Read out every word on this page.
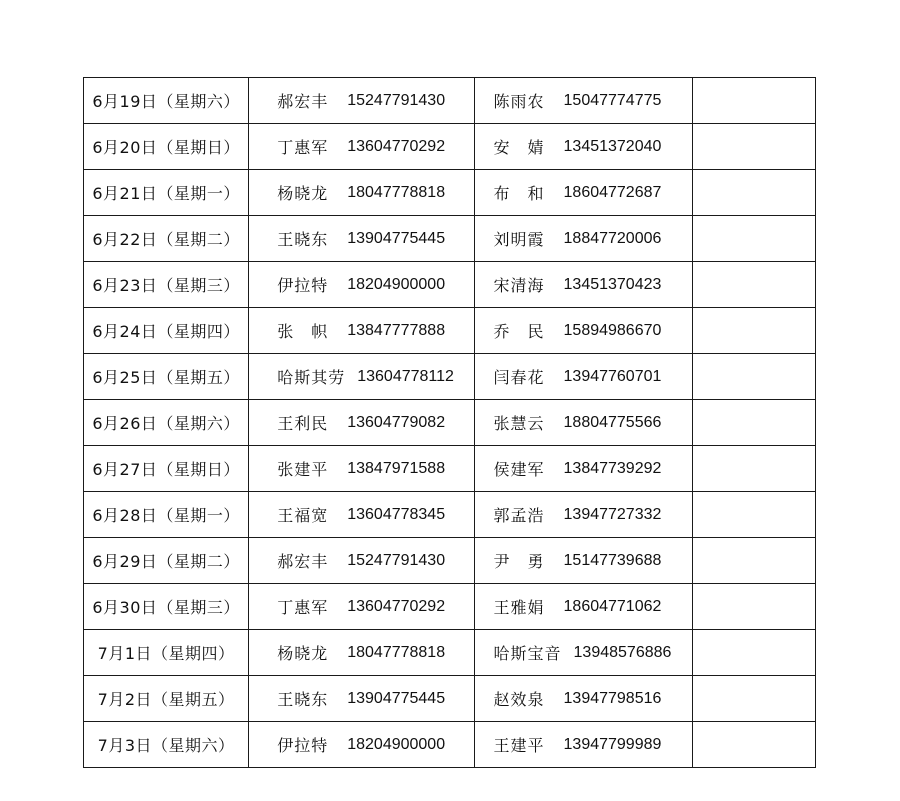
6月19日（星期六）	郝宏丰 15247791430	陈雨农 15047774775	

6月20日（星期日）	丁惠军 13604770292	安　婧 13451372040	

6月21日（星期一）	杨晓龙 18047778818	布　和 18604772687	

6月22日（星期二）	王晓东 13904775445	刘明霞 18847720006	

6月23日（星期三）	伊拉特 18204900000	宋清海 13451370423	

6月24日（星期四）	张　帜 13847777888	乔　民 15894986670	

6月25日（星期五）	哈斯其劳 13604778112	闫春花 13947760701	

6月26日（星期六）	王利民 13604779082	张慧云 18804775566	

6月27日（星期日）	张建平 13847971588	侯建军 13847739292	

6月28日（星期一）	王福宽 13604778345	郭孟浩 13947727332	

6月29日（星期二）	郝宏丰 15247791430	尹　勇 15147739688	

6月30日（星期三）	丁惠军 13604770292	王雅娟 18604771062	

7月1日（星期四）	杨晓龙 18047778818	哈斯宝音 13948576886	

7月2日（星期五）	王晓东 13904775445	赵效泉 13947798516	

7月3日（星期六）	伊拉特 18204900000	王建平 13947799989	
